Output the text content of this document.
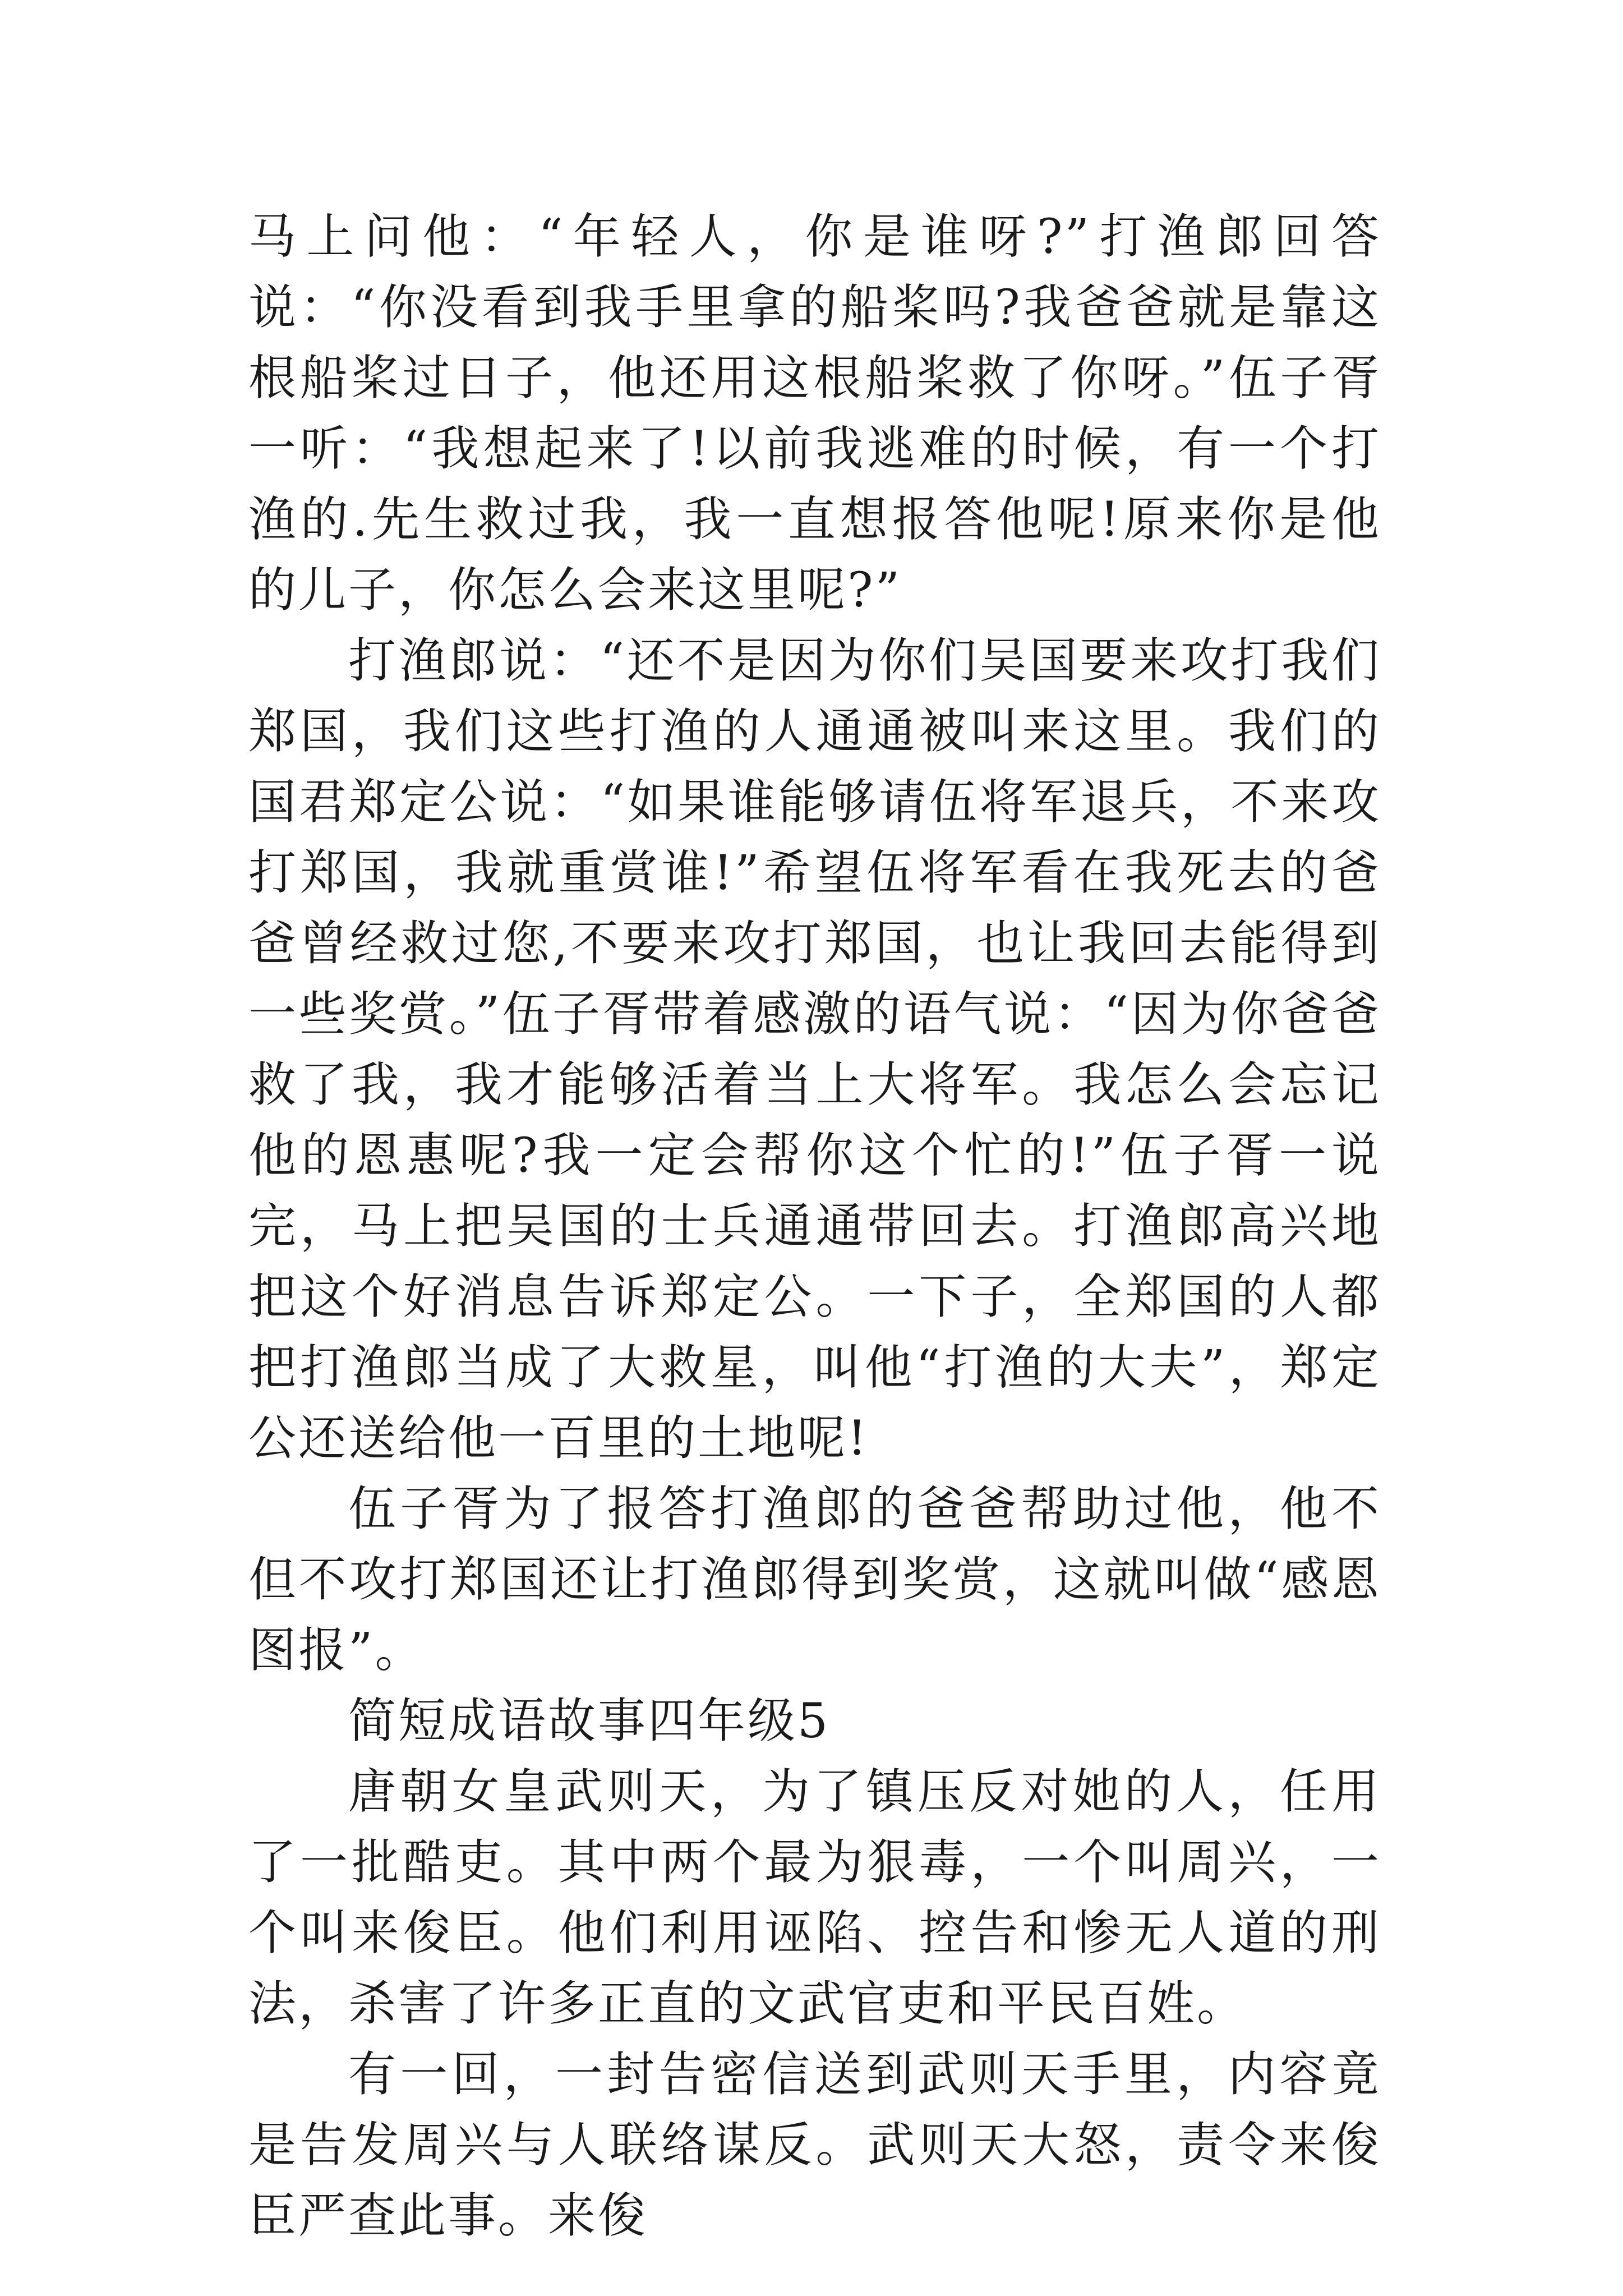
马上问他：“年轻人，你是谁呀?”打渔郎回答说：“你没看到我手里拿的船桨吗?我爸爸就是靠这根船桨过日子，他还用这根船桨救了你呀。”伍子胥一听：“我想起来了!以前我逃难的时候，有一个打渔的.先生救过我，我一直想报答他呢!原来你是他的儿子，你怎么会来这里呢?”

打渔郎说：“还不是因为你们吴国要来攻打我们郑国，我们这些打渔的人通通被叫来这里。我们的国君郑定公说：“如果谁能够请伍将军退兵，不来攻打郑国，我就重赏谁!”希望伍将军看在我死去的爸爸曾经救过您,不要来攻打郑国，也让我回去能得到一些奖赏。”伍子胥带着感激的语气说：“因为你爸爸救了我，我才能够活着当上大将军。我怎么会忘记他的恩惠呢?我一定会帮你这个忙的!”伍子胥一说完，马上把吴国的士兵通通带回去。打渔郎高兴地把这个好消息告诉郑定公。一下子，全郑国的人都把打渔郎当成了大救星，叫他“打渔的大夫”，郑定公还送给他一百里的土地呢!

伍子胥为了报答打渔郎的爸爸帮助过他，他不但不攻打郑国还让打渔郎得到奖赏，这就叫做“感恩图报”。

简短成语故事四年级5

唐朝女皇武则天，为了镇压反对她的人，任用了一批酷吏。其中两个最为狠毒，一个叫周兴，一个叫来俊臣。他们利用诬陷、控告和惨无人道的刑法，杀害了许多正直的文武官吏和平民百姓。

有一回，一封告密信送到武则天手里，内容竟是告发周兴与人联络谋反。武则天大怒，责令来俊臣严查此事。来俊
